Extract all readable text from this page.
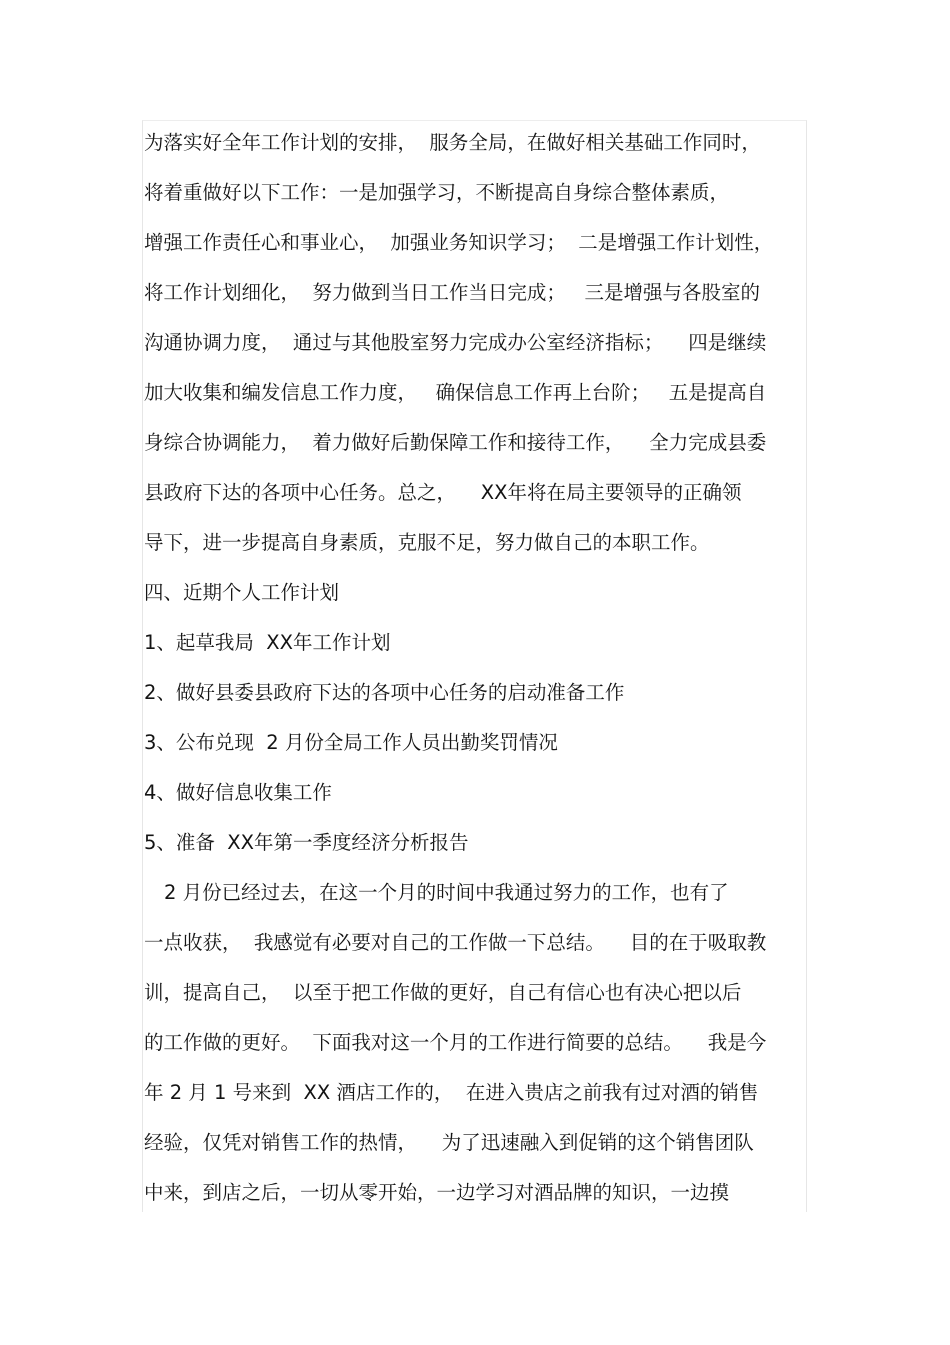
为落实好全年工作计划的安排，  服务全局，在做好相关基础工作同时，
将着重做好以下工作：一是加强学习，不断提高自身综合整体素质，
增强工作责任心和事业心，  加强业务知识学习；  二是增强工作计划性，
将工作计划细化，  努力做到当日工作当日完成；   三是增强与各股室的
沟通协调力度，  通过与其他股室努力完成办公室经济指标；    四是继续
加大收集和编发信息工作力度，   确保信息工作再上台阶；   五是提高自
身综合协调能力，  着力做好后勤保障工作和接待工作，    全力完成县委
县政府下达的各项中心任务。总之，    XX年将在局主要领导的正确领
导下，进一步提高自身素质，克服不足，努力做自己的本职工作。
四、近期个人工作计划
1、起草我局  XX年工作计划
2、做好县委县政府下达的各项中心任务的启动准备工作
3、公布兑现  2 月份全局工作人员出勤奖罚情况
4、做好信息收集工作
5、准备  XX年第一季度经济分析报告
2 月份已经过去，在这一个月的时间中我通过努力的工作，也有了
一点收获，  我感觉有必要对自己的工作做一下总结。    目的在于吸取教
训，提高自己，  以至于把工作做的更好，自己有信心也有决心把以后
的工作做的更好。  下面我对这一个月的工作进行简要的总结。    我是今
年 2 月 1 号来到  XX 酒店工作的，  在进入贵店之前我有过对酒的销售
经验，仅凭对销售工作的热情，    为了迅速融入到促销的这个销售团队
中来，到店之后，一切从零开始，一边学习对酒品牌的知识，一边摸
